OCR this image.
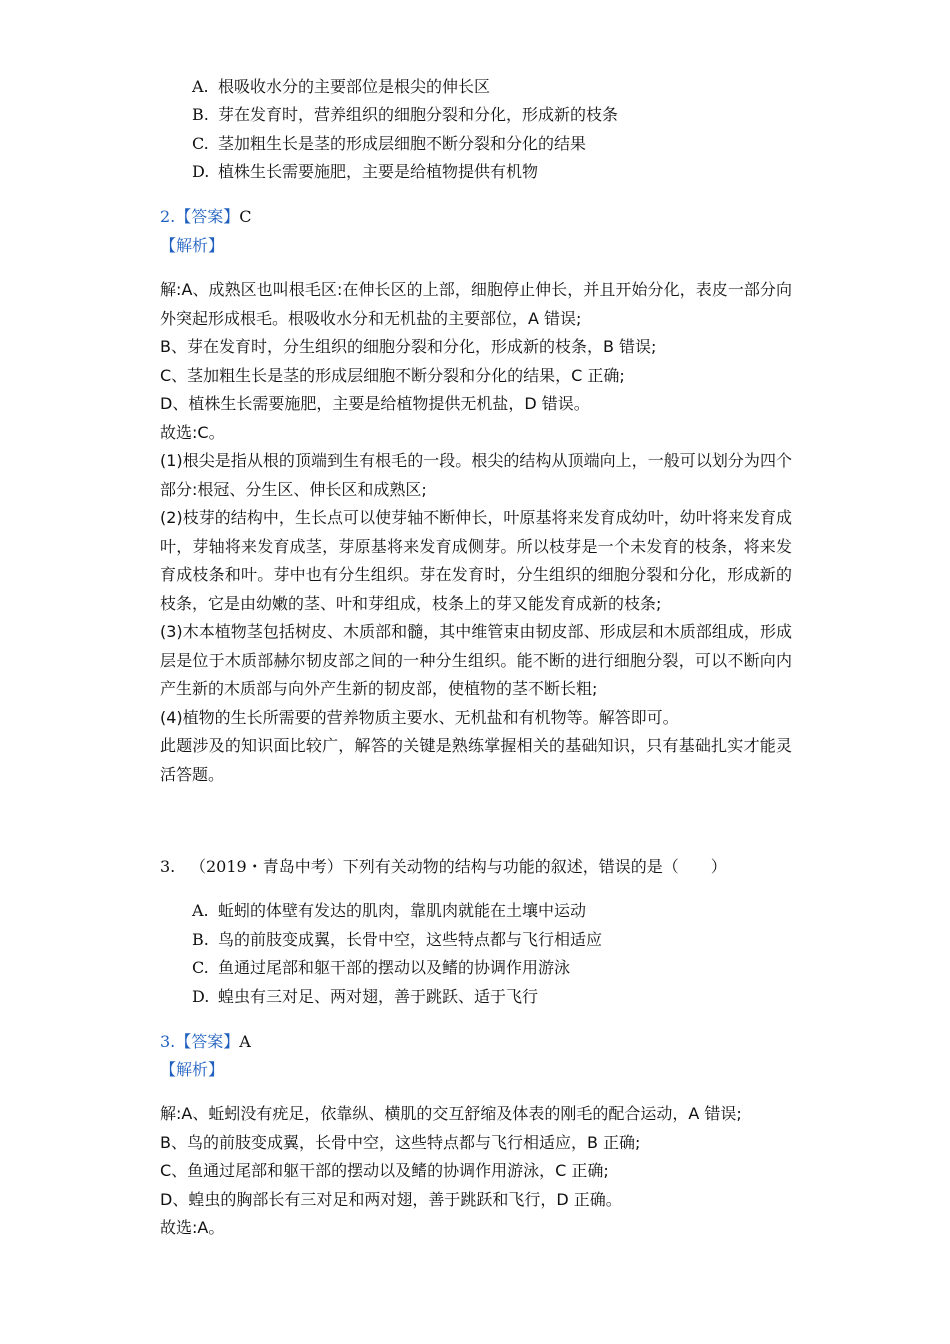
A. 根吸收水分的主要部位是根尖的伸长区
B. 芽在发育时，营养组织的细胞分裂和分化，形成新的枝条
C. 茎加粗生长是茎的形成层细胞不断分裂和分化的结果
D. 植株生长需要施肥，主要是给植物提供有机物
2.【答案】C
【解析】

解:A、成熟区也叫根毛区:在伸长区的上部，细胞停止伸长，并且开始分化，表皮一部分向外突起形成根毛。根吸收水分和无机盐的主要部位，A 错误;

B、芽在发育时，分生组织的细胞分裂和分化，形成新的枝条，B 错误;

C、茎加粗生长是茎的形成层细胞不断分裂和分化的结果，C 正确;

D、植株生长需要施肥，主要是给植物提供无机盐，D 错误。

故选:C。

(1)根尖是指从根的顶端到生有根毛的一段。根尖的结构从顶端向上，一般可以划分为四个部分:根冠、分生区、伸长区和成熟区;

(2)枝芽的结构中，生长点可以使芽轴不断伸长，叶原基将来发育成幼叶，幼叶将来发育成叶，芽轴将来发育成茎，芽原基将来发育成侧芽。所以枝芽是一个未发育的枝条，将来发育成枝条和叶。芽中也有分生组织。芽在发育时，分生组织的细胞分裂和分化，形成新的枝条，它是由幼嫩的茎、叶和芽组成，枝条上的芽又能发育成新的枝条;

(3)木本植物茎包括树皮、木质部和髓，其中维管束由韧皮部、形成层和木质部组成，形成层是位于木质部赫尔韧皮部之间的一种分生组织。能不断的进行细胞分裂，可以不断向内产生新的木质部与向外产生新的韧皮部，使植物的茎不断长粗;

(4)植物的生长所需要的营养物质主要水、无机盐和有机物等。解答即可。

此题涉及的知识面比较广，解答的关键是熟练掌握相关的基础知识，只有基础扎实才能灵活答题。

3. （2019・青岛中考）下列有关动物的结构与功能的叙述，错误的是（　　）
A. 蚯蚓的体壁有发达的肌肉，靠肌肉就能在土壤中运动
B. 鸟的前肢变成翼，长骨中空，这些特点都与飞行相适应
C. 鱼通过尾部和躯干部的摆动以及鳍的协调作用游泳
D. 蝗虫有三对足、两对翅，善于跳跃、适于飞行
3.【答案】A
【解析】

解:A、蚯蚓没有疣足，依靠纵、横肌的交互舒缩及体表的刚毛的配合运动，A 错误;

B、鸟的前肢变成翼，长骨中空，这些特点都与飞行相适应，B 正确;

C、鱼通过尾部和躯干部的摆动以及鳍的协调作用游泳，C 正确;

D、蝗虫的胸部长有三对足和两对翅，善于跳跃和飞行，D 正确。

故选:A。
